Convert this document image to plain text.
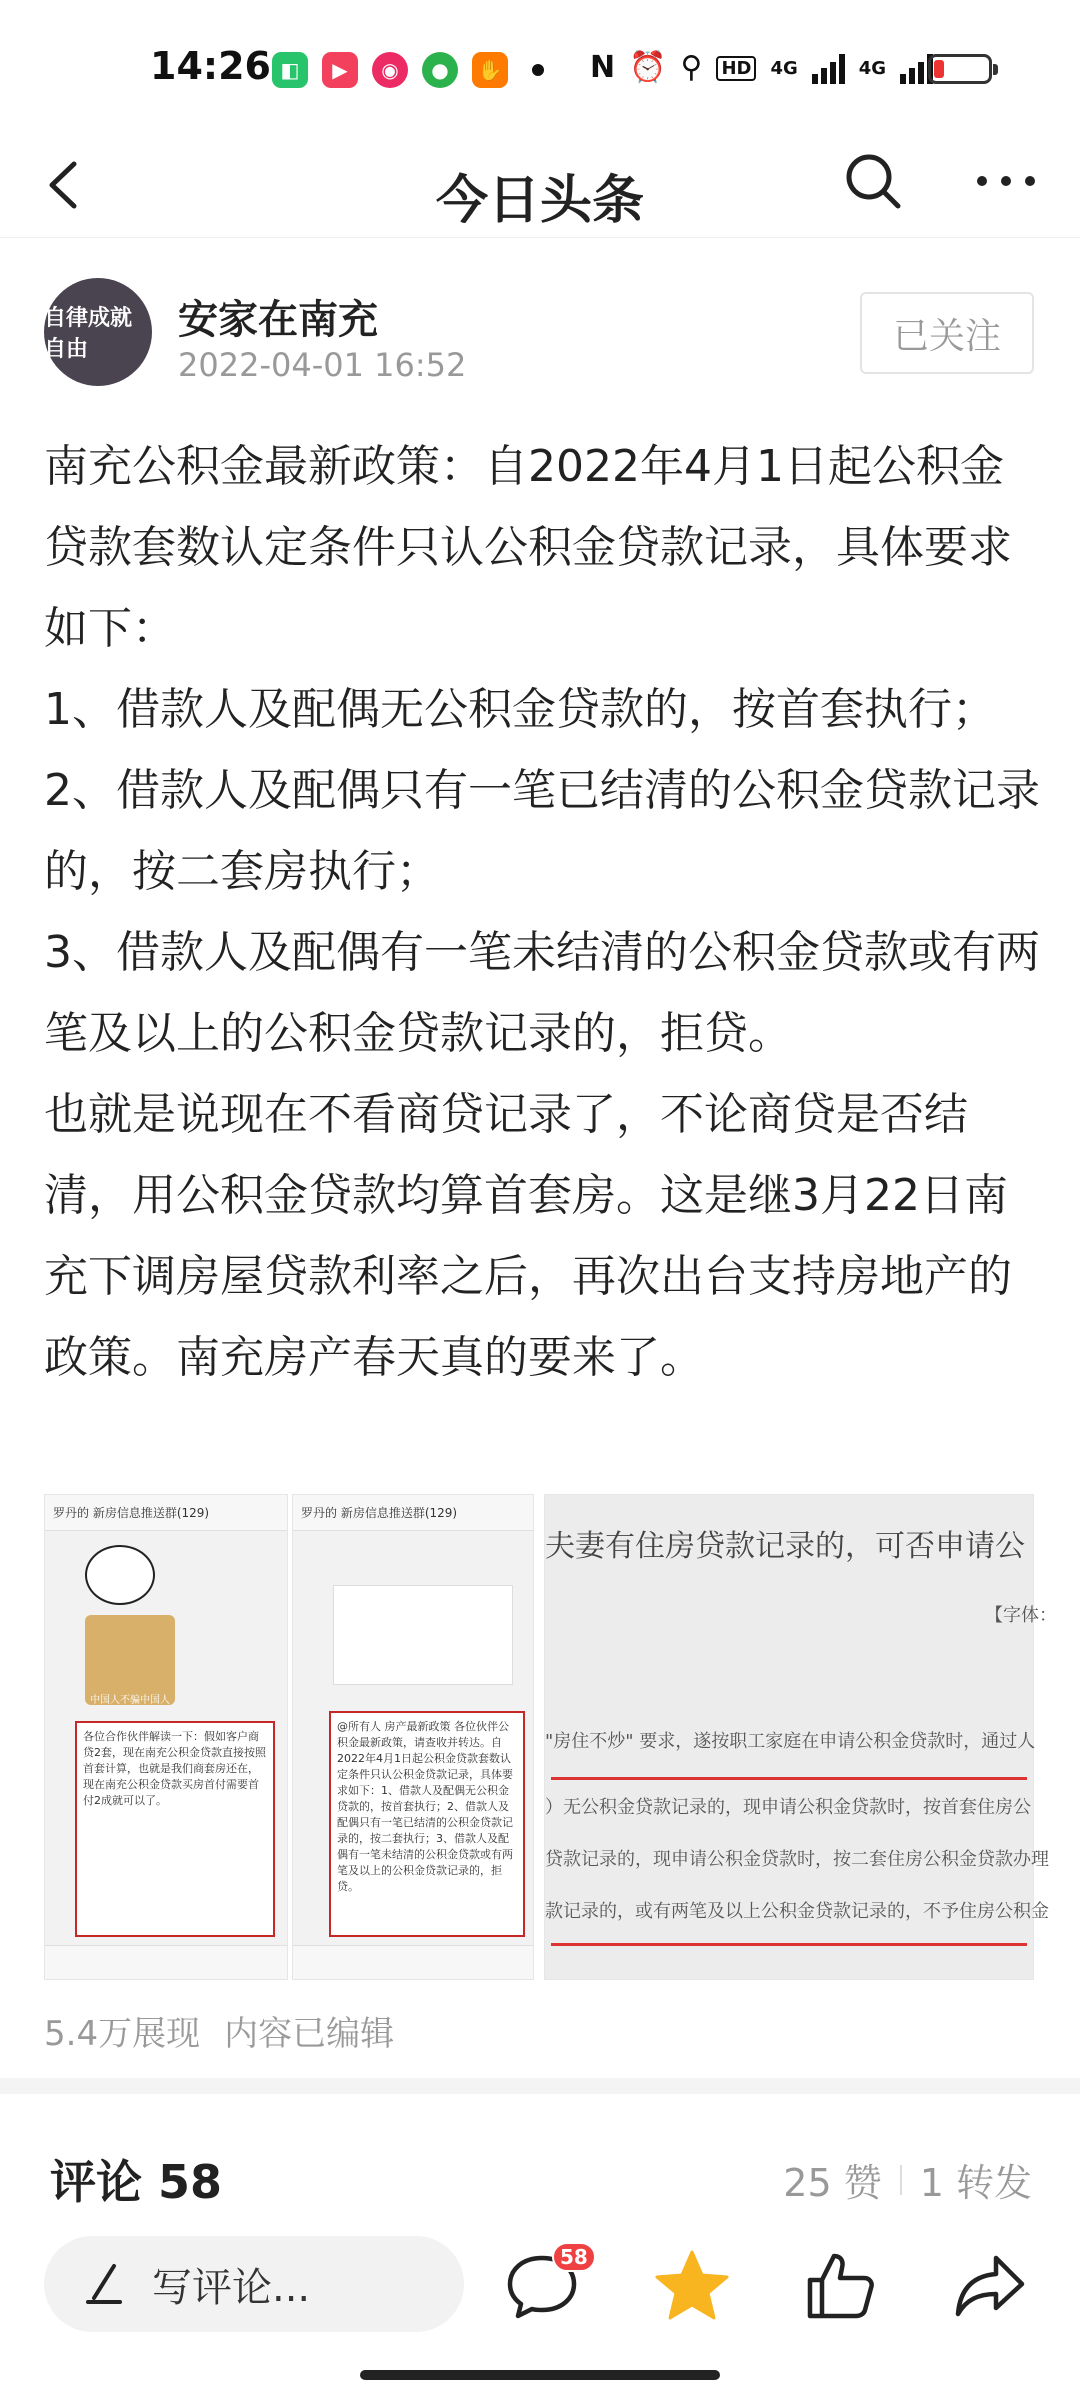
14:26 ◧	▶	◉	●	✋	N ⏰ ⚲ HD 4G	4G
今日头条
自律成就自由
安家在南充
2022-04-01 16:52
已关注

南充公积金最新政策：自2022年4月1日起公积金贷款套数认定条件只认公积金贷款记录，具体要求如下：

1、借款人及配偶无公积金贷款的，按首套执行；

2、借款人及配偶只有一笔已结清的公积金贷款记录的，按二套房执行；

3、借款人及配偶有一笔未结清的公积金贷款或有两笔及以上的公积金贷款记录的，拒贷。

也就是说现在不看商贷记录了，不论商贷是否结清，用公积金贷款均算首套房。这是继3月22日南充下调房屋贷款利率之后，再次出台支持房地产的政策。南充房产春天真的要来了。

罗丹的 新房信息推送群(129)
中国人不骗中国人
各位合作伙伴解读一下：假如客户商贷2套，现在南充公积金贷款直接按照首套计算，也就是我们商套房还在，现在南充公积金贷款买房首付需要首付2成就可以了。
罗丹的 新房信息推送群(129)
@所有人 房产最新政策 各位伙伴公积金最新政策，请查收并转达。自2022年4月1日起公积金贷款套数认定条件只认公积金贷款记录，具体要求如下：1、借款人及配偶无公积金贷款的，按首套执行；2、借款人及配偶只有一笔已结清的公积金贷款记录的，按二套执行；3、借款人及配偶有一笔未结清的公积金贷款或有两笔及以上的公积金贷款记录的，拒贷。
夫妻有住房贷款记录的，可否申请公
【字体：
"房住不炒" 要求，遂按职工家庭在申请公积金贷款时，通过人
）无公积金贷款记录的，现申请公积金贷款时，按首套住房公
贷款记录的，现申请公积金贷款时，按二套住房公积金贷款办理
款记录的，或有两笔及以上公积金贷款记录的，不予住房公积金
5.4万展现 内容已编辑
评论 58	25 赞 1 转发
写评论...
58
